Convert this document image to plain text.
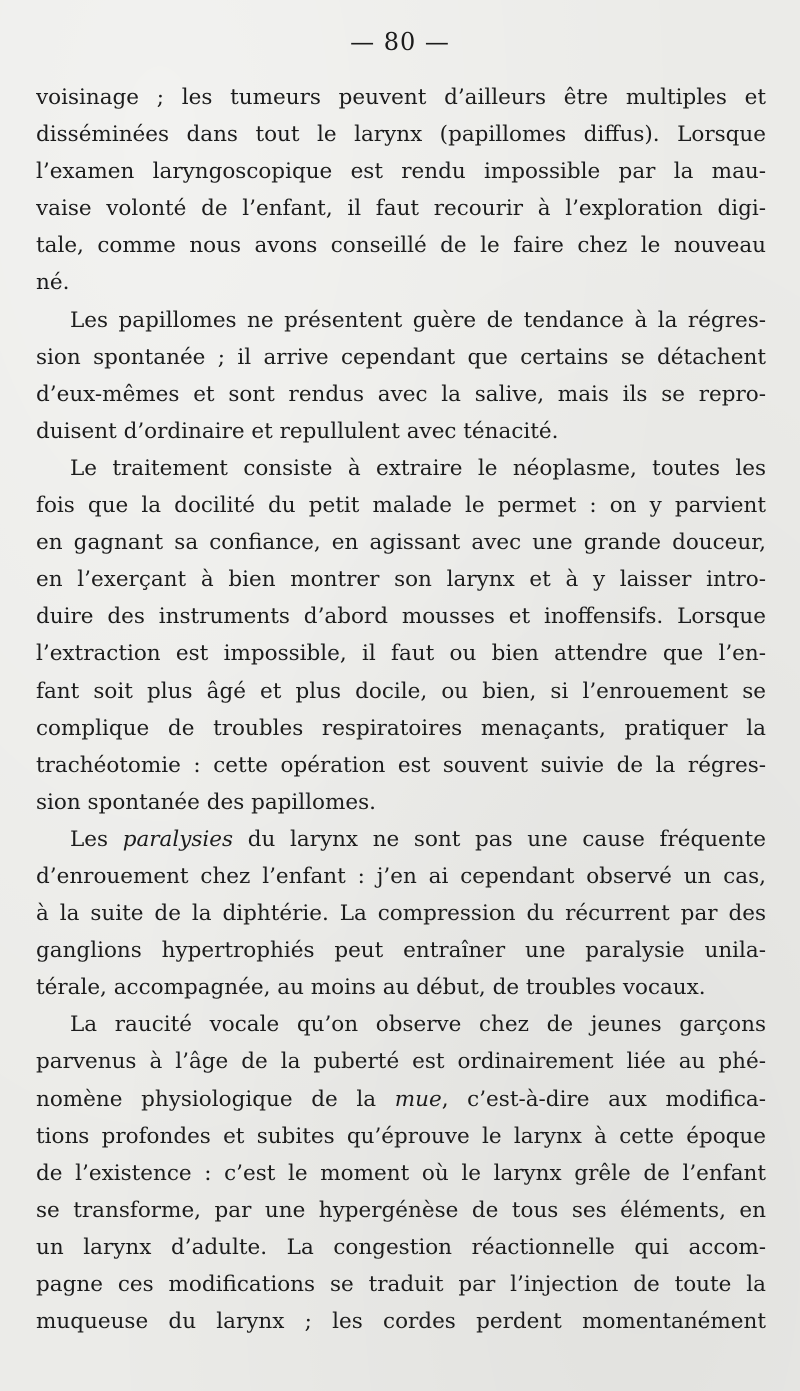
— 80 —
voisinage ; les tumeurs peuvent d’ailleurs être multiples et
disséminées dans tout le larynx (papillomes diffus). Lorsque
l’examen laryngoscopique est rendu impossible par la mau-
vaise volonté de l’enfant, il faut recourir à l’exploration digi-
tale, comme nous avons conseillé de le faire chez le nouveau
né.
Les papillomes ne présentent guère de tendance à la régres-
sion spontanée ; il arrive cependant que certains se détachent
d’eux-mêmes et sont rendus avec la salive, mais ils se repro-
duisent d’ordinaire et repullulent avec ténacité.
Le traitement consiste à extraire le néoplasme, toutes les
fois que la docilité du petit malade le permet : on y parvient
en gagnant sa confiance, en agissant avec une grande douceur,
en l’exerçant à bien montrer son larynx et à y laisser intro-
duire des instruments d’abord mousses et inoffensifs. Lorsque
l’extraction est impossible, il faut ou bien attendre que l’en-
fant soit plus âgé et plus docile, ou bien, si l’enrouement se
complique de troubles respiratoires menaçants, pratiquer la
trachéotomie : cette opération est souvent suivie de la régres-
sion spontanée des papillomes.
Les paralysies du larynx ne sont pas une cause fréquente
d’enrouement chez l’enfant : j’en ai cependant observé un cas,
à la suite de la diphtérie. La compression du récurrent par des
ganglions hypertrophiés peut entraîner une paralysie unila-
térale, accompagnée, au moins au début, de troubles vocaux.
La raucité vocale qu’on observe chez de jeunes garçons
parvenus à l’âge de la puberté est ordinairement liée au phé-
nomène physiologique de la mue, c’est-à-dire aux modifica-
tions profondes et subites qu’éprouve le larynx à cette époque
de l’existence : c’est le moment où le larynx grêle de l’enfant
se transforme, par une hypergénèse de tous ses éléments, en
un larynx d’adulte. La congestion réactionnelle qui accom-
pagne ces modifications se traduit par l’injection de toute la
muqueuse du larynx ; les cordes perdent momentanément
